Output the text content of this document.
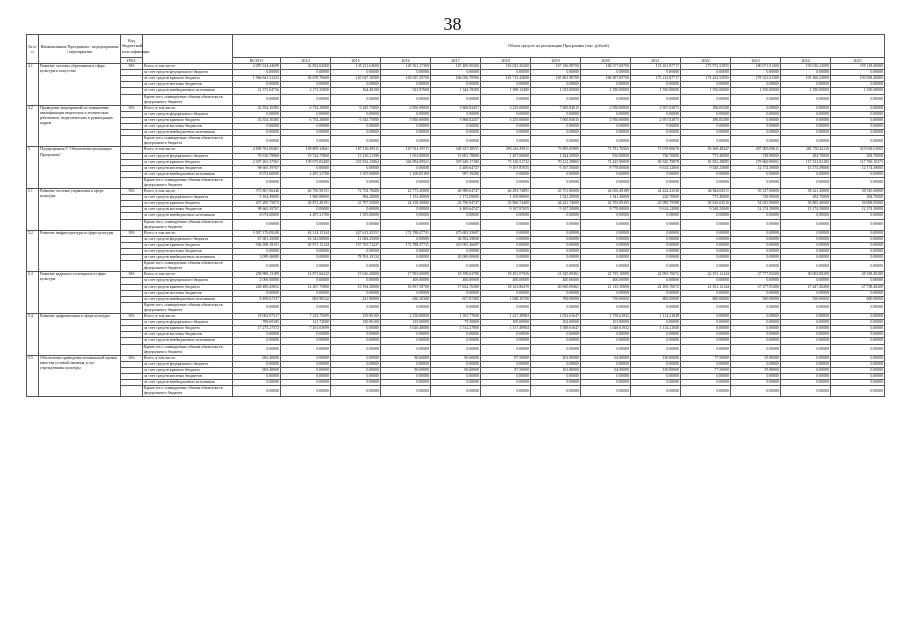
38
№ п/п	Наименование Программы / подпрограммы / мероприятия	Код бюджетной классификации		Объем средств на реализацию Программы (тыс. рублей)												
		ГРБС		ВСЕГО	2014	2015	2016	2017	2018	2019	2020	2021	2022	2023	2024	2025
4.1	Развитие системы образования в сфере культуры и искусства	816	Всего, в том числе:	2 087 614.44698	32 852.04500	145 211.64600	145 561.27300	167 400.90200	163 023.56200	167 336.98700	168 377.69700	174 101.87717	175 972.52955	180 071.01300	193 016.23000	195 118.46900
			за счет средств федерального бюджета	0.00000	0.00000	0.00000	0.00000	0.00000	0.00000	0.00000	0.00000	0.00000	0.00000	0.00000	0.00000	0.00000
			за счет средств краевого бюджета	1 966 641.31252	30 678.70600	145 047.16500	145 037.29700	166 056.70900	161 715.42800	165 801.98700	166 507.69700	173 212.87717	174 422.52955	178 521.01300	191 466.23000	193 568.46900
			за счет средств местных бюджетов	0.00000	0.00000	0.00000	0.00000	0.00000	0.00000	0.00000	0.00000	0.00000	0.00000	0.00000	0.00000	0.00000
			за счет средств внебюджетных источников	21 373.04756	2 173.33900	164.48100	523.97600	1 344.19300	1 308.13400	1 535.00000	1 550.00000	1 550.00000	1 550.00000	1 550.00000	1 550.00000	1 550.00000
			Кроме того, планируемые объемы обязательств федерального бюджета	0.00000	0.00000	0.00000	0.00000	0.00000	0.00000	0.00000	0.00000	0.00000	0.00000	0.00000	0.00000	0.00000
4.2	Проведение мероприятий по повышению квалификации творческих и технических работников, педагогических и руководящих кадров	816	Всего, в том числе:	33 354.10385	6 754.20000	6 345.75000	3 856.90000	3 868.82457	3 255.60000	7 065.84015	2 950.00000	2 957.02873	186.05200	0.00000	0.00000	0.00000
			за счет средств федерального бюджета	0.00000	0.00000	0.00000	0.00000	0.00000	0.00000	0.00000	0.00000	0.00000	0.00000	0.00000	0.00000	0.00000
			за счет средств краевого бюджета	33 354.10385	6 754.20000	6 345.75000	3 856.90000	3 868.82457	3 255.60000	7 065.84015	2 950.00000	2 957.02873	186.05200	0.00000	0.00000	0.00000
			за счет средств местных бюджетов	0.00000	0.00000	0.00000	0.00000	0.00000	0.00000	0.00000	0.00000	0.00000	0.00000	0.00000	0.00000	0.00000
			за счет средств внебюджетных источников	0.00000	0.00000	0.00000	0.00000	0.00000	0.00000	0.00000	0.00000	0.00000	0.00000	0.00000	0.00000	0.00000
			Кроме того, планируемые объемы обязательств федерального бюджета	0.00000	0.00000	0.00000	0.00000	0.00000	0.00000	0.00000	0.00000	0.00000	0.00000	0.00000	0.00000	0.00000
5	Подпрограмма 5 "Обеспечение реализации Программы"		Всего, в том числе:	2 699 761.00401	158 809.34661	187 136.39511	167 914.19711	348 337.38551	285 416.39911	75 895.05985	71 781.76565	71 078.80678	83 368.48347	297 005.09011	281 750.24110	319 618.01003
			за счет средств федерального бюджета	76 916.79868	19 724.75860	13 216.21396	1 653.80000	15 691.78800	1 497.06000	1 444.50000	816.00000	736.70000	773.40000	728.90000	284.70000	284.70000
			за счет средств краевого бюджета	2 397 261.37501	139 075.05400	253 832.23864	344 994.00921	307 649.17180	73 130.51732	70 212.38865	72 435.96858	69 320.78878	81 832.28085	278 660.00001	117 331.02183	117 760.10273
			за счет средств местных бюджетов	98 665.39767	0.00000	0.00000	0.00000	4 469.64747	9 167.87655	9 167.50000	9 778.00000	9 614.12000	9 548.23000	12 174.39000	13 174.39000	12 174.39000
			за счет средств внебюджетных источников	8 074.60000	4 497.21700	1 355.00000	1 100.65100	997.39290	0.00000	0.00000	0.00000	0.00000	0.00000	0.00000	0.00000	0.00000
			Кроме того, планируемые объемы обязательств федерального бюджета	0.00000	0.00000	0.00000	0.00000	0.00000	0.00000	0.00000	0.00000	0.00000	0.00000	0.00000	0.00000	0.00000
5.1	Развитие системы управления в сфере культуры	816	Всего, в том числе:	573 867.06446	40 750.58151	72 754.78400	25 775.20000	40 989.04747	46 293.74891	43 751.80000	44 050.49189	44 224.43530	40 844.04511	55 127.00000	58 221.20000	58 545.60000
			за счет средств федерального бюджета	9 184.49000	1 960.89000	984.20000	1 133.40000	1 172.09000	1 109.89000	1 541.20000	1 341.40000	226.70000	773.40000	728.90000	284.70000	284.70000
			за счет средств краевого бюджета	457 289.75875	29 871.49191	31 797.35000	24 158.36800	23 796.94747	35 960.74400	44 441.74000	42 703.89195	43 998.79598	50 816.04510	54 025.99000	56 885.40000	56 898.95000
			за счет средств местных бюджетов	98 665.39767	0.00000	0.00000	0.00000	4 469.64747	9 167.87655	9 167.50000	9 778.00000	9 614.12000	9 548.23000	12 174.39000	13 174.39000	12 174.39000
			за счет средств внебюджетных источников	8 074.60000	4 497.21700	1 355.00000	0.00000	0.00000	0.00000	0.00000	0.00000	0.00000	0.00000	0.00000	0.00000	0.00000
			Кроме того, планируемые объемы обязательств федерального бюджета	0.00000	0.00000	0.00000	0.00000	0.00000	0.00000	0.00000	0.00000	0.00000	0.00000	0.00000	0.00000	0.00000
5.2	Развитие инфраструктуры в сфере культуры	816	Всего, в том числе:	1 007 179.09240	62 314.15144	247 613.35351	172 788.47731	475 683.55697	0.00000	0.00000	0.00000	0.00000	0.00000	0.00000	0.00000	0.00000
			за счет средств федерального бюджета	67 681.45000	16 343.00000	11 084.45000	0.00000	36 592.29000	0.00000	0.00000	0.00000	0.00000	0.00000	0.00000	0.00000	0.00000
			за счет средств краевого бюджета	936 398.18151	45 971.15144	157 765.71227	172 788.47731	419 091.26697	0.00000	0.00000	0.00000	0.00000	0.00000	0.00000	0.00000	0.00000
			за счет средств местных бюджетов	0.00000	0.00000	0.00000	0.00000	0.00000	0.00000	0.00000	0.00000	0.00000	0.00000	0.00000	0.00000	0.00000
			за счет средств внебюджетных источников	3 099.46089	0.00000	78 763.19124	0.00000	20 000.00000	0.00000	0.00000	0.00000	0.00000	0.00000	0.00000	0.00000	0.00000
			Кроме того, планируемые объемы обязательств федерального бюджета	0.00000	0.00000	0.00000	0.00000	0.00000	0.00000	0.00000	0.00000	0.00000	0.00000	0.00000	0.00000	0.00000
5.3	Развитие кадрового потенциала в сфере культуры	816	Всего, в том числе:	258 988.13189	14 871.66342	15 616.20000	17 993.60000	18 190.63700	18 291.07936	21 345.09461	22 735.10000	22 993.76072	22 351.12144	27 777.05200	30 002.80200	28 338.40200
			за счет средств федерального бюджета	2 000.00000	0.00000	0.00000	400.00000	400.00000	400.00000	400.00000	400.00000	0.00000	0.00000	0.00000	0.00000	0.00000
			за счет средств краевого бюджета	248 489.45852	14 267.75800	15 194.30000	16 957.39700	17 832.76300	18 163.86470	20 945.09461	21 135.10000	22 185.76072	21 351.12144	27 277.05200	27 447.40200	27 738.40200
			за счет средств местных бюджетов	0.00000	0.00000	0.00000	0.00000	0.00000	0.00000	0.00000	0.00000	0.00000	0.00000	0.00000	0.00000	0.00000
			за счет средств внебюджетных источников	8 498.67337	603.90542	421.90000	636.20300	657.87400	1 048.10700	700.00000	750.00000	800.00000	800.00000	500.00000	550.00000	600.00000
			Кроме того, планируемые объемы обязательств федерального бюджета	0.00000	0.00000	0.00000	0.00000	0.00000	0.00000	0.00000	0.00000	0.00000	0.00000	0.00000	0.00000	0.00000
5.4	Развитие цифровизации в сфере культуры	816	Всего, в том числе:	19 063.97317	7 233.75699	150.96100	3 156.00000	1 591.77000	1 417.49984	1 052.61647	1 750.61932	1 114.21849	0.00000	0.00000	0.00000	0.00000
			за счет средств федерального бюджета	789.69185	121.72000	150.96100	135.60000	79.50000	100.00000	102.00000	101.80000	0.00000	0.00000	0.00000	0.00000	0.00000
			за счет средств краевого бюджета	17 275.27572	7 161.03699	0.00000	3 020.40000	1 512.27000	1 317.49984	1 949.61647	1 648.61932	1 114.21849	0.00000	0.00000	0.00000	0.00000
			за счет средств местных бюджетов	0.00000	0.00000	0.00000	0.00000	0.00000	0.00000	0.00000	0.00000	0.00000	0.00000	0.00000	0.00000	0.00000
			за счет средств внебюджетных источников	0.00000	0.00000	0.00000	0.00000	0.00000	0.00000	0.00000	0.00000	0.00000	0.00000	0.00000	0.00000	0.00000
			Кроме того, планируемые объемы обязательств федерального бюджета	0.00000	0.00000	0.00000	0.00000	0.00000	0.00000	0.00000	0.00000	0.00000	0.00000	0.00000	0.00000	0.00000
5.5	Обеспечение проведения независимой оценки качества условий оказания услуг учреждениями культуры	816	Всего, в том числе:	693.40000	0.00000	0.00000	90.60000	90.60000	87.50000	101.80000	64.90000	130.00000	77.50000	55.90000	0.00000	0.00000
			за счет средств федерального бюджета	0.00000	0.00000	0.00000	0.00000	0.00000	0.00000	0.00000	0.00000	0.00000	0.00000	0.00000	0.00000	0.00000
			за счет средств краевого бюджета	693.40000	0.00000	0.00000	90.60000	90.60000	87.50000	101.80000	64.90000	130.00000	77.50000	55.90000	0.00000	0.00000
			за счет средств местных бюджетов	0.00000	0.00000	0.00000	0.00000	0.00000	0.00000	0.00000	0.00000	0.00000	0.00000	0.00000	0.00000	0.00000
			за счет средств внебюджетных источников	0.00000	0.00000	0.00000	0.00000	0.00000	0.00000	0.00000	0.00000	0.00000	0.00000	0.00000	0.00000	0.00000
			Кроме того, планируемые объемы обязательств федерального бюджета	0.00000	0.00000	0.00000	0.00000	0.00000	0.00000	0.00000	0.00000	0.00000	0.00000	0.00000	0.00000	0.00000
